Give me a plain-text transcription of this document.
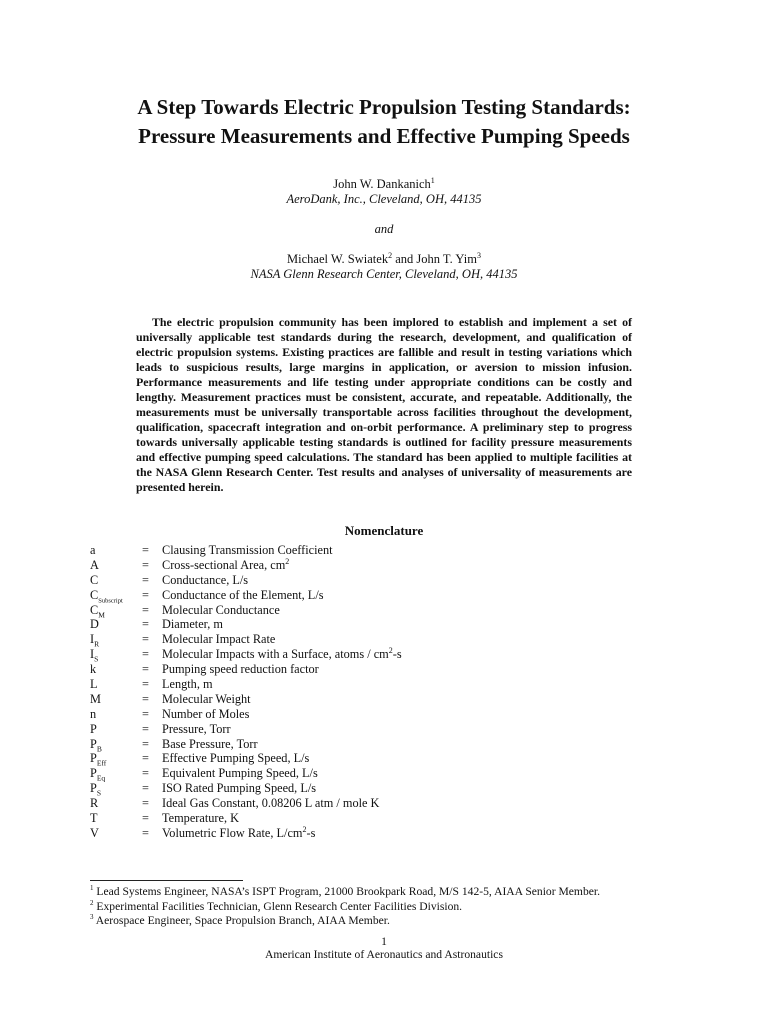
A Step Towards Electric Propulsion Testing Standards:
Pressure Measurements and Effective Pumping Speeds
John W. Dankanich$^1$
AeroDank, Inc., Cleveland, OH, 44135
and
Michael W. Swiatek$^2$ and John T. Yim$^3$
NASA Glenn Research Center, Cleveland, OH, 44135
The electric propulsion community has been implored to establish and implement a set of universally applicable test standards during the research, development, and qualification of electric propulsion systems. Existing practices are fallible and result in testing variations which leads to suspicious results, large margins in application, or aversion to mission infusion. Performance measurements and life testing under appropriate conditions can be costly and lengthy. Measurement practices must be consistent, accurate, and repeatable. Additionally, the measurements must be universally transportable across facilities throughout the development, qualification, spacecraft integration and on-orbit performance. A preliminary step to progress towards universally applicable testing standards is outlined for facility pressure measurements and effective pumping speed calculations. The standard has been applied to multiple facilities at the NASA Glenn Research Center. Test results and analyses of universality of measurements are presented herein.
Nomenclature
a	=	Clausing Transmission Coefficient
A	=	Cross-sectional Area, $cm^2$
C	=	Conductance, L/s
$C_{Subscript}$	=	Conductance of the Element, L/s
$C_M$	=	Molecular Conductance
D	=	Diameter, m
$I_R$	=	Molecular Impact Rate
$I_S$	=	Molecular Impacts with a Surface, atoms / $cm^2-s$
k	=	Pumping speed reduction factor
L	=	Length, m
M	=	Molecular Weight
n	=	Number of Moles
P	=	Pressure, Torr
$P_B$	=	Base Pressure, Torr
$P_{Eff}$	=	Effective Pumping Speed, L/s
$P_{Eq}$	=	Equivalent Pumping Speed, L/s
$P_S$	=	ISO Rated Pumping Speed, L/s
R	=	Ideal Gas Constant, 0.08206 L atm / mole K
T	=	Temperature, K
V	=	Volumetric Flow Rate, $L/cm^2-s$
$^1$ Lead Systems Engineer, NASA’s ISPT Program, 21000 Brookpark Road, M/S 142-5, AIAA Senior Member.
$^2$ Experimental Facilities Technician, Glenn Research Center Facilities Division.
$^3$ Aerospace Engineer, Space Propulsion Branch, AIAA Member.
1
American Institute of Aeronautics and Astronautics
